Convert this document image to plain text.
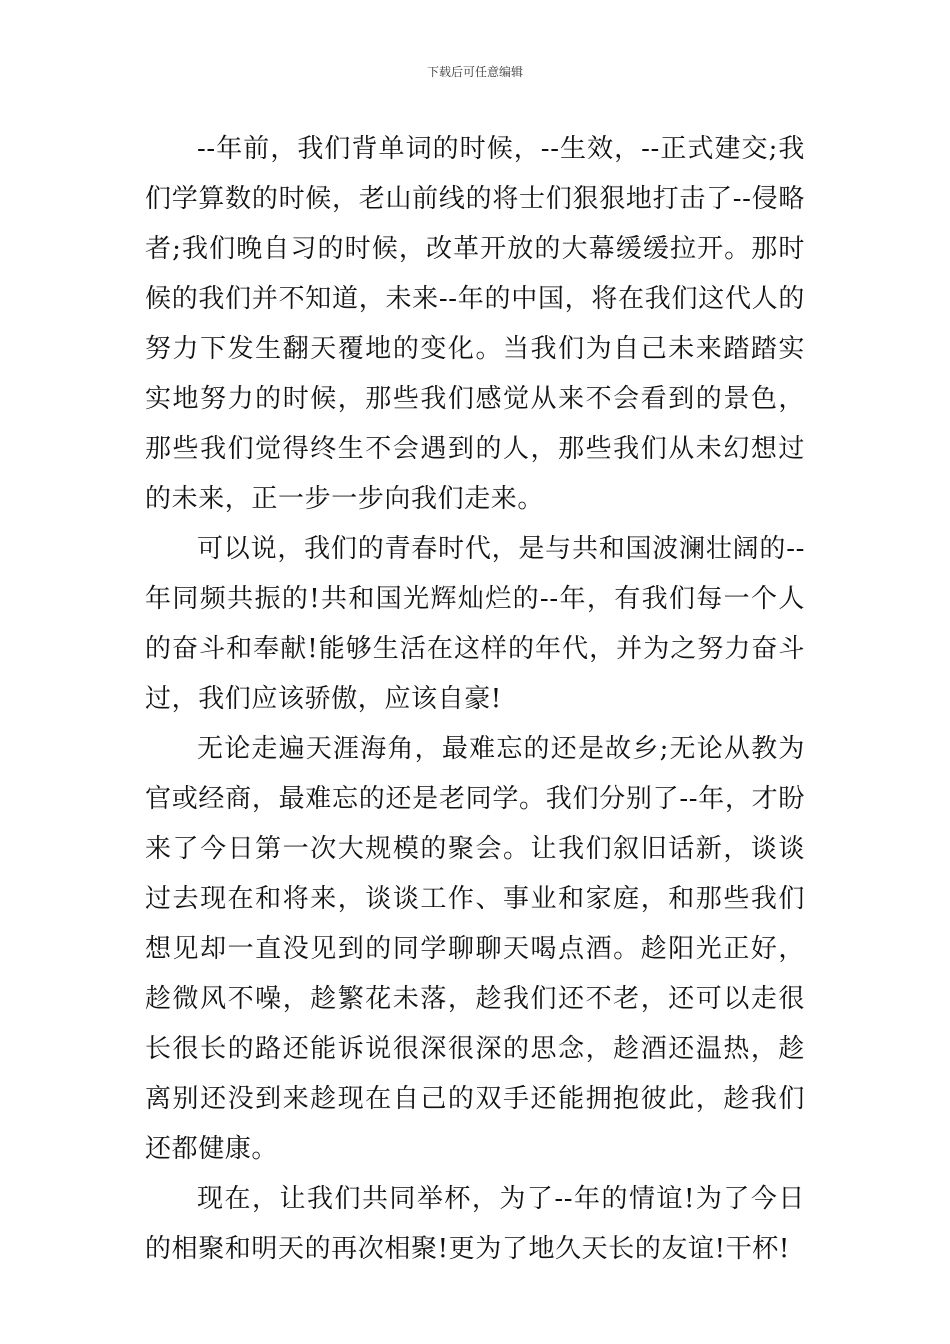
下载后可任意编辑

--年前，我们背单词的时候，--生效，--正式建交;我们学算数的时候，老山前线的将士们狠狠地打击了--侵略者;我们晚自习的时候，改革开放的大幕缓缓拉开。那时候的我们并不知道，未来--年的中国，将在我们这代人的努力下发生翻天覆地的变化。当我们为自己未来踏踏实实地努力的时候，那些我们感觉从来不会看到的景色，那些我们觉得终生不会遇到的人，那些我们从未幻想过的未来，正一步一步向我们走来。

可以说，我们的青春时代，是与共和国波澜壮阔的--年同频共振的!共和国光辉灿烂的--年，有我们每一个人的奋斗和奉献!能够生活在这样的年代，并为之努力奋斗过，我们应该骄傲，应该自豪!

无论走遍天涯海角，最难忘的还是故乡;无论从教为官或经商，最难忘的还是老同学。我们分别了--年，才盼来了今日第一次大规模的聚会。让我们叙旧话新，谈谈过去现在和将来，谈谈工作、事业和家庭，和那些我们想见却一直没见到的同学聊聊天喝点酒。趁阳光正好，趁微风不噪，趁繁花未落，趁我们还不老，还可以走很长很长的路还能诉说很深很深的思念，趁酒还温热，趁离别还没到来趁现在自己的双手还能拥抱彼此，趁我们还都健康。

现在，让我们共同举杯，为了--年的情谊!为了今日的相聚和明天的再次相聚!更为了地久天长的友谊!干杯!
